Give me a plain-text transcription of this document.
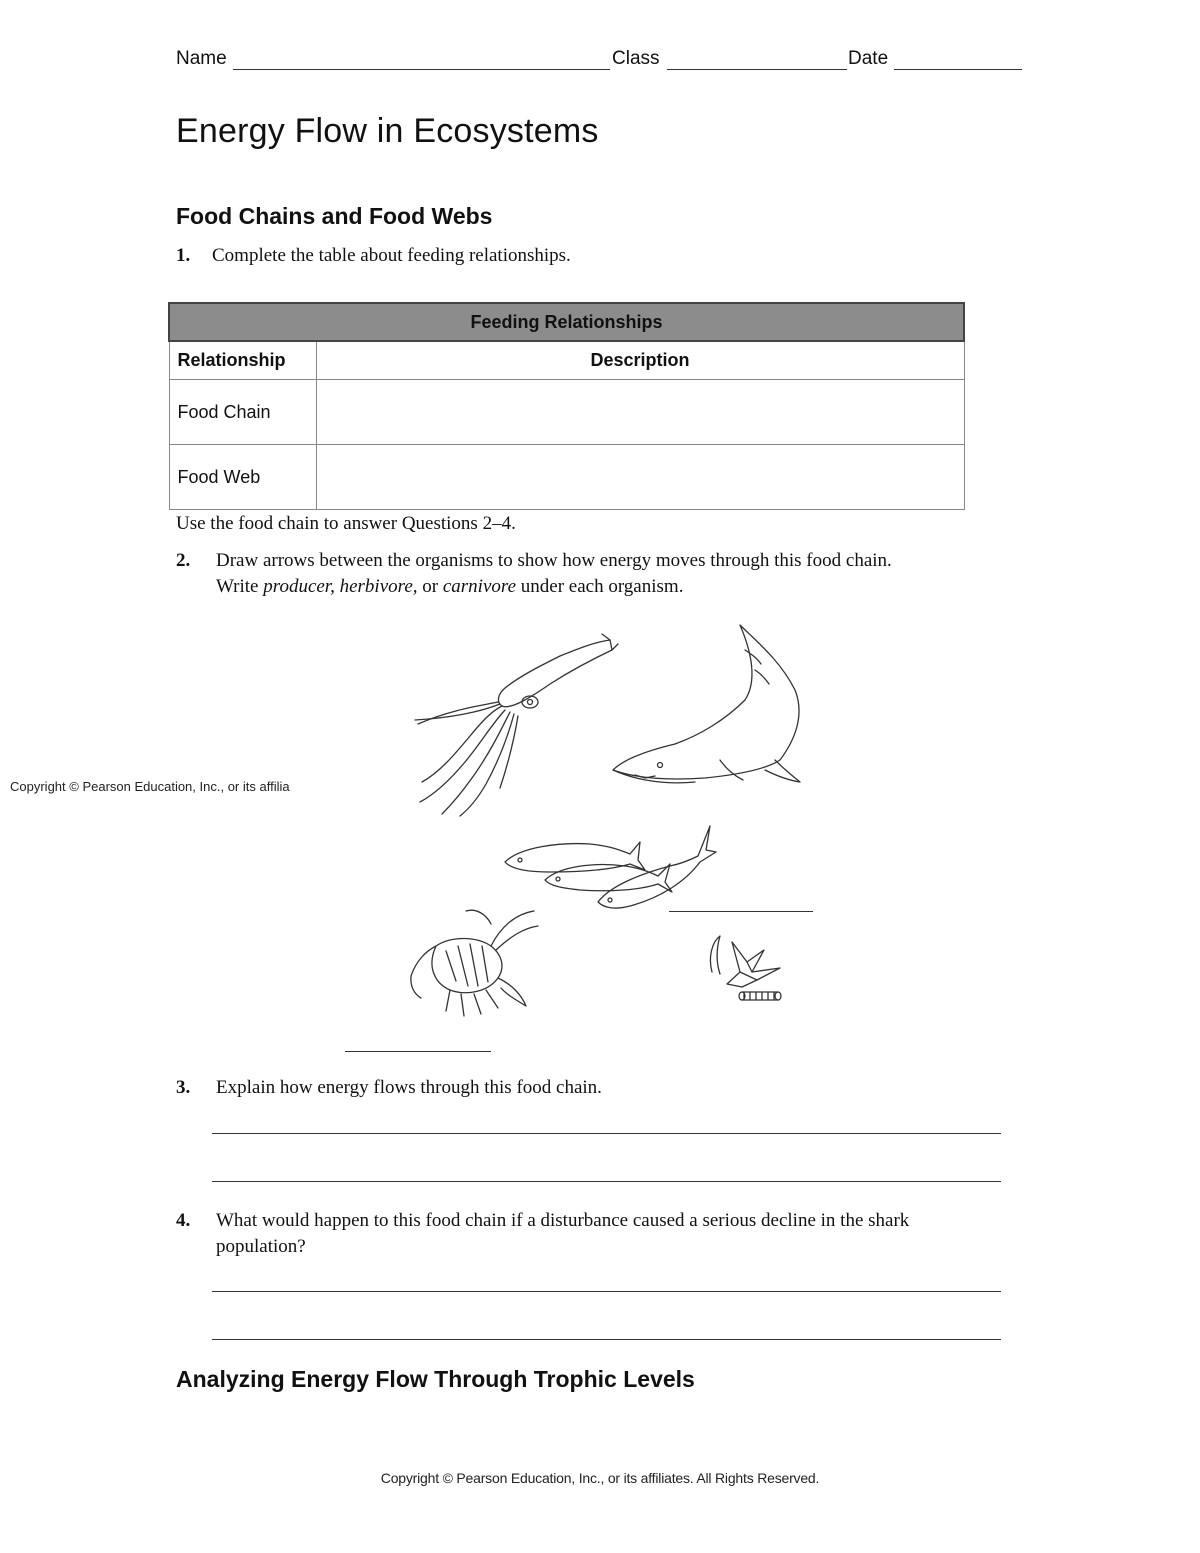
Name	Class	Date
Energy Flow in Ecosystems
Food Chains and Food Webs
1. Complete the table about feeding relationships.
Feeding Relationships	
Relationship	Description
Food Chain	
Food Web	
Use the food chain to answer Questions 2–4.
2. Draw arrows between the organisms to show how energy moves through this food chain.
Write producer, herbivore, or carnivore under each organism.
Copyright © Pearson Education, Inc., or its affilia
3. Explain how energy flows through this food chain.
4. What would happen to this food chain if a disturbance caused a serious decline in the shark
population?
Analyzing Energy Flow Through Trophic Levels
Copyright © Pearson Education, Inc., or its affiliates. All Rights Reserved.
